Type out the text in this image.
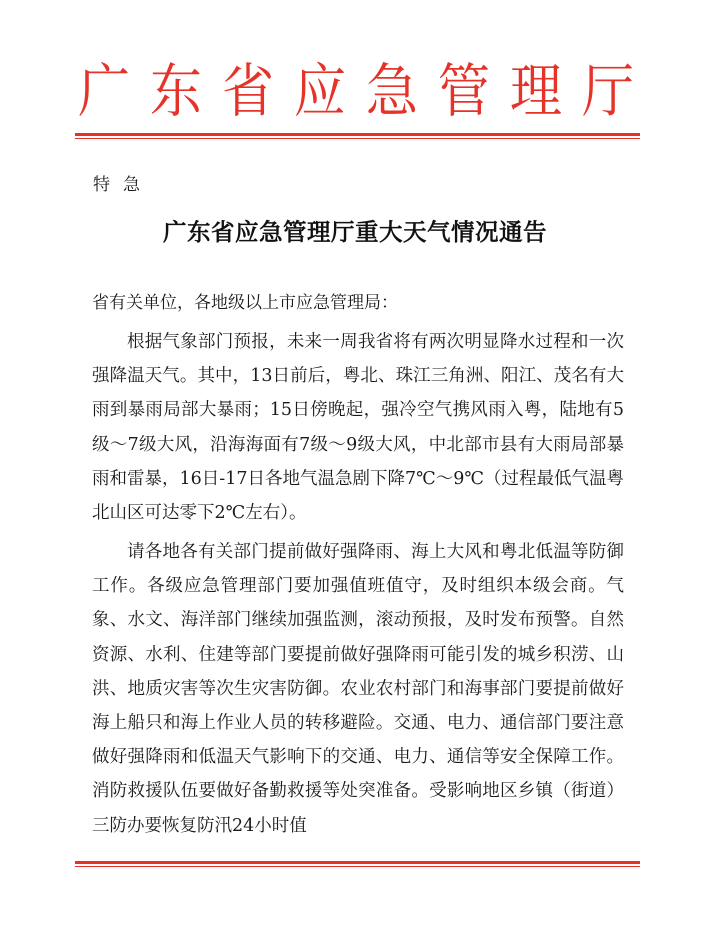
广 东 省 应 急 管 理 厅
特急
广东省应急管理厅重大天气情况通告
省有关单位，各地级以上市应急管理局：

根据气象部门预报，未来一周我省将有两次明显降水过程和一次强降温天气。其中，13日前后，粤北、珠江三角洲、阳江、茂名有大雨到暴雨局部大暴雨；15日傍晚起，强冷空气携风雨入粤，陆地有5级～7级大风，沿海海面有7级～9级大风，中北部市县有大雨局部暴雨和雷暴，16日-17日各地气温急剧下降7℃～9℃（过程最低气温粤北山区可达零下2℃左右）。

请各地各有关部门提前做好强降雨、海上大风和粤北低温等防御工作。各级应急管理部门要加强值班值守，及时组织本级会商。气象、水文、海洋部门继续加强监测，滚动预报，及时发布预警。自然资源、水利、住建等部门要提前做好强降雨可能引发的城乡积涝、山洪、地质灾害等次生灾害防御。农业农村部门和海事部门要提前做好海上船只和海上作业人员的转移避险。交通、电力、通信部门要注意做好强降雨和低温天气影响下的交通、电力、通信等安全保障工作。消防救援队伍要做好备勤救援等处突准备。受影响地区乡镇（街道）三防办要恢复防汛24小时值
